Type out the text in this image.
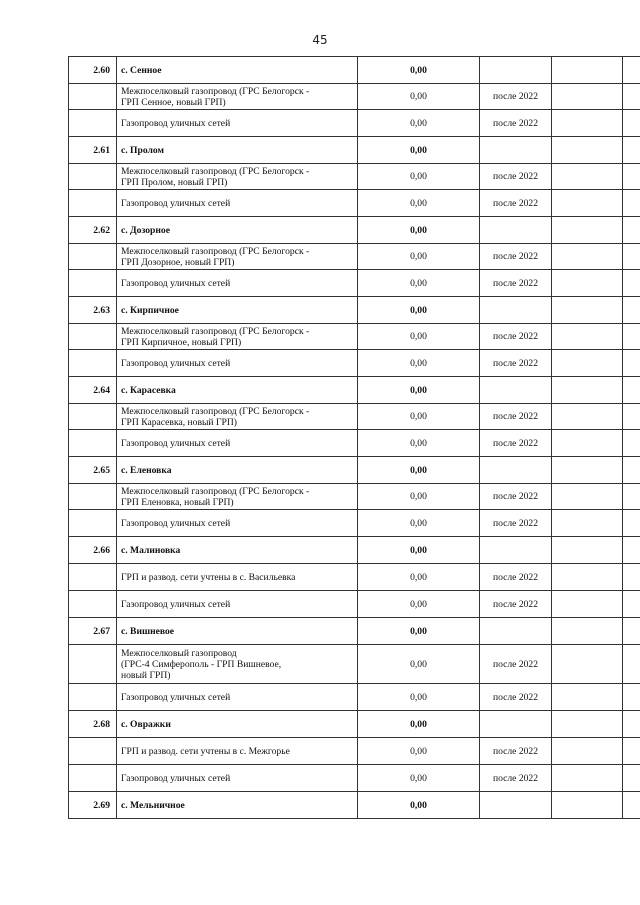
45
2.60	с. Сенное	0,00			

	Межпоселковый газопровод (ГРС Белогорск -
ГРП Сенное, новый ГРП)	0,00	после 2022		

	Газопровод уличных сетей	0,00	после 2022		
2.61	с. Пролом	0,00			

	Межпоселковый газопровод (ГРС Белогорск -
ГРП Пролом, новый ГРП)	0,00	после 2022		

	Газопровод уличных сетей	0,00	после 2022		
2.62	с. Дозорное	0,00			

	Межпоселковый газопровод (ГРС Белогорск -
ГРП Дозорное, новый ГРП)	0,00	после 2022		

	Газопровод уличных сетей	0,00	после 2022		
2.63	с. Кирпичное	0,00			

	Межпоселковый газопровод (ГРС Белогорск -
ГРП Кирпичное, новый ГРП)	0,00	после 2022		

	Газопровод уличных сетей	0,00	после 2022		
2.64	с. Карасевка	0,00			

	Межпоселковый газопровод (ГРС Белогорск -
ГРП Карасевка, новый ГРП)	0,00	после 2022		

	Газопровод уличных сетей	0,00	после 2022		
2.65	с. Еленовка	0,00			

	Межпоселковый газопровод (ГРС Белогорск -
ГРП Еленовка, новый ГРП)	0,00	после 2022		

	Газопровод уличных сетей	0,00	после 2022		
2.66	с. Малиновка	0,00			

	ГРП и развод. сети учтены в с. Васильевка	0,00	после 2022		

	Газопровод уличных сетей	0,00	после 2022		
2.67	с. Вишневое	0,00			

	Межпоселковый газопровод
(ГРС-4 Симферополь - ГРП Вишневое,
новый ГРП)	0,00	после 2022		

	Газопровод уличных сетей	0,00	после 2022		
2.68	с. Овражки	0,00			

	ГРП и развод. сети учтены в с. Межгорье	0,00	после 2022		

	Газопровод уличных сетей	0,00	после 2022		
2.69	с. Мельничное	0,00			
